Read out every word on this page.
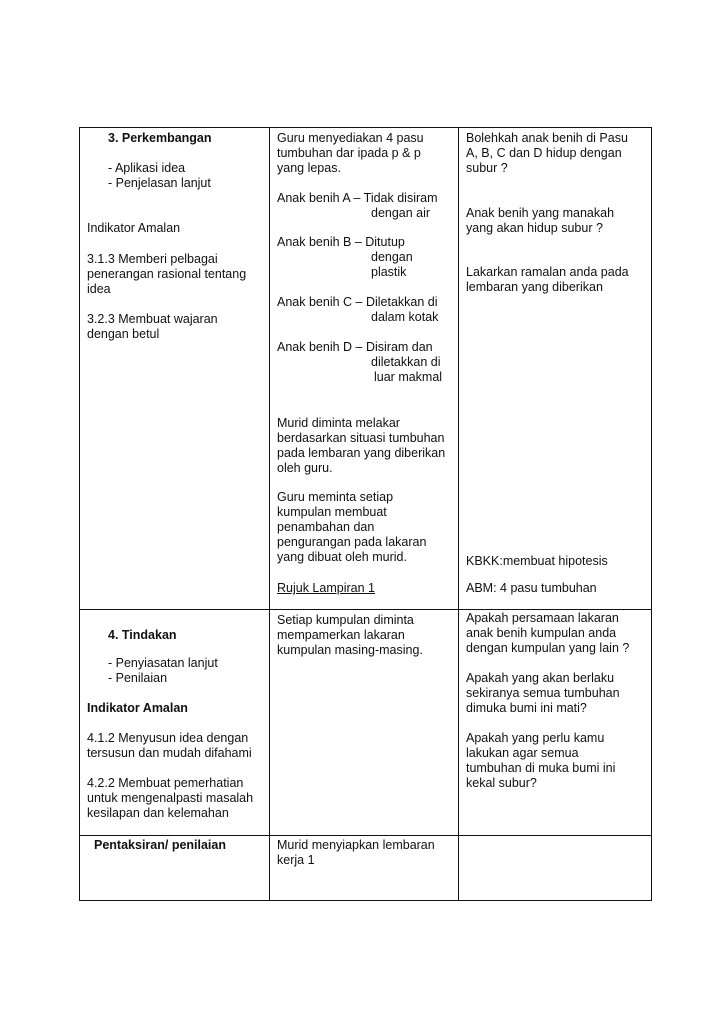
3. Perkembangan
- Aplikasi idea
- Penjelasan lanjut
Indikator Amalan
3.1.3 Memberi pelbagai
penerangan rasional tentang
idea
3.2.3 Membuat wajaran
dengan betul
Guru menyediakan 4 pasu
tumbuhan dar ipada p & p
yang lepas.
Anak benih A – Tidak disiram
dengan air
Anak benih B – Ditutup
dengan
plastik
Anak benih C – Diletakkan di
dalam kotak
Anak benih D – Disiram dan
diletakkan di
luar makmal
Murid diminta melakar
berdasarkan situasi tumbuhan
pada lembaran yang diberikan
oleh guru.
Guru meminta setiap
kumpulan membuat
penambahan dan
pengurangan pada lakaran
yang dibuat oleh murid.
Rujuk Lampiran 1
Bolehkah anak benih di Pasu
A, B, C dan D hidup dengan
subur ?
Anak benih yang manakah
yang akan hidup subur ?
Lakarkan ramalan anda pada
lembaran yang diberikan
KBKK:membuat hipotesis
ABM: 4 pasu tumbuhan
4. Tindakan
- Penyiasatan lanjut
- Penilaian
Indikator Amalan
4.1.2 Menyusun idea dengan
tersusun dan mudah difahami
4.2.2 Membuat pemerhatian
untuk mengenalpasti masalah
kesilapan dan kelemahan
Setiap kumpulan diminta
mempamerkan lakaran
kumpulan masing-masing.
Apakah persamaan lakaran
anak benih kumpulan anda
dengan kumpulan yang lain ?
Apakah yang akan berlaku
sekiranya semua tumbuhan
dimuka bumi ini mati?
Apakah yang perlu kamu
lakukan agar semua
tumbuhan di muka bumi ini
kekal subur?
Pentaksiran/ penilaian	Murid menyiapkan lembaran
kerja 1
